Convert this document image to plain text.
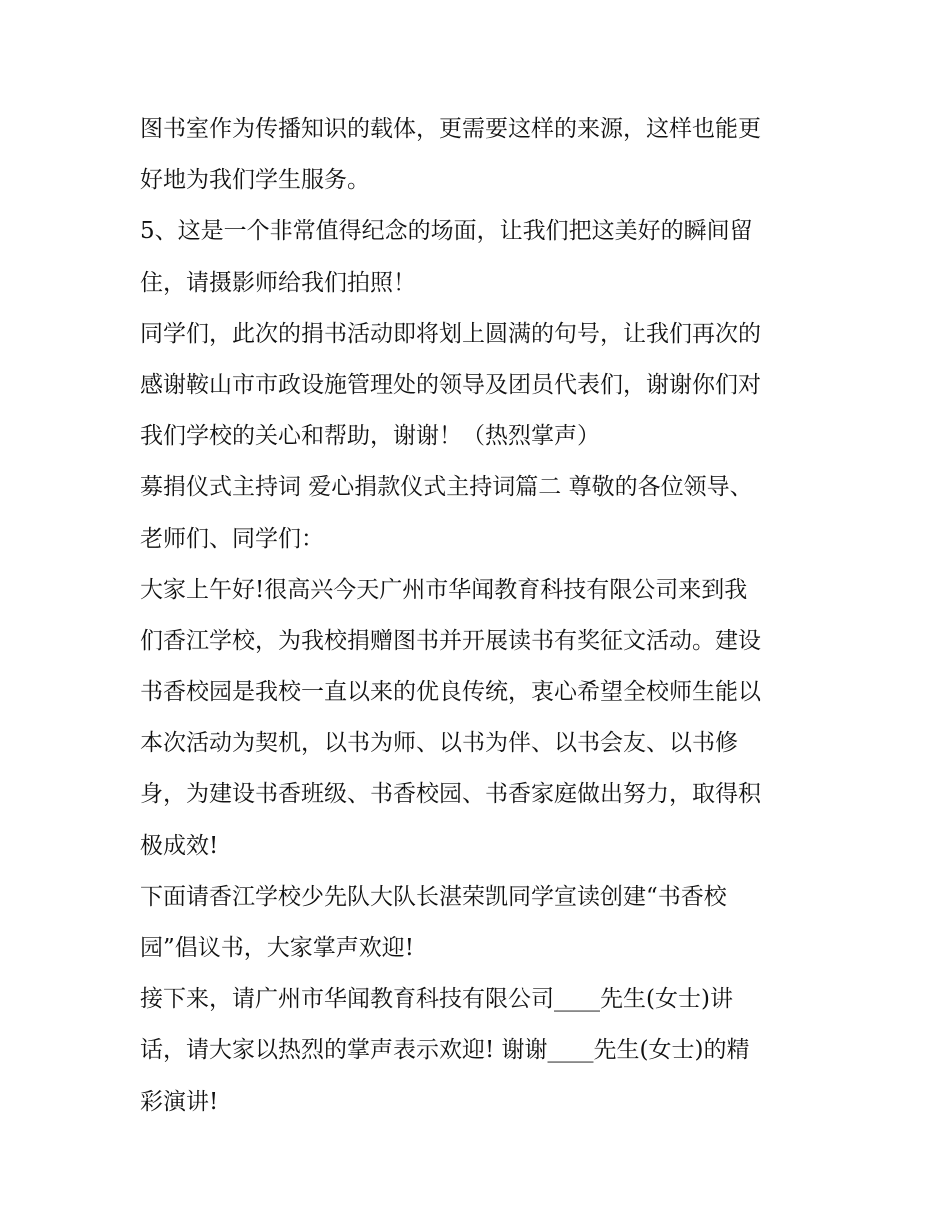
图书室作为传播知识的载体，更需要这样的来源，这样也能更
好地为我们学生服务。
5、这是一个非常值得纪念的场面，让我们把这美好的瞬间留
住，请摄影师给我们拍照！
同学们，此次的捐书活动即将划上圆满的句号，让我们再次的
感谢鞍山市市政设施管理处的领导及团员代表们，谢谢你们对
我们学校的关心和帮助，谢谢！（热烈掌声）
募捐仪式主持词 爱心捐款仪式主持词篇二 尊敬的各位领导、
老师们、同学们：
大家上午好!很高兴今天广州市华闻教育科技有限公司来到我
们香江学校，为我校捐赠图书并开展读书有奖征文活动。建设
书香校园是我校一直以来的优良传统，衷心希望全校师生能以
本次活动为契机，以书为师、以书为伴、以书会友、以书修
身，为建设书香班级、书香校园、书香家庭做出努力，取得积
极成效!
下面请香江学校少先队大队长湛荣凯同学宣读创建“书香校
园”倡议书，大家掌声欢迎!
接下来，请广州市华闻教育科技有限公司____先生(女士)讲
话，请大家以热烈的掌声表示欢迎! 谢谢____先生(女士)的精
彩演讲!
